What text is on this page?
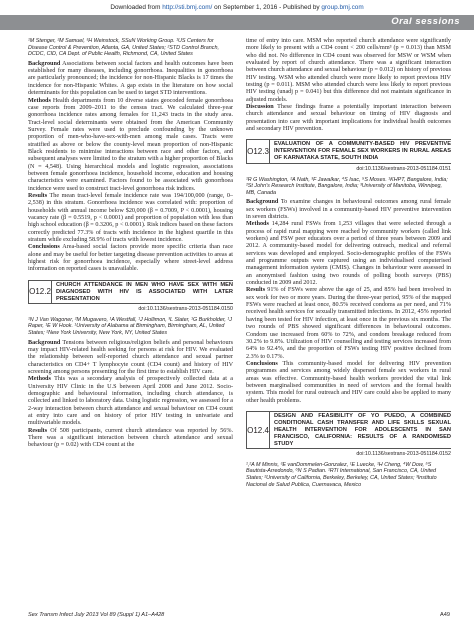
Downloaded from http://sti.bmj.com/ on September 1, 2016 - Published by group.bmj.com
Oral sessions

¹M Stenger, ²M Samuel, ³H Weinstock, SSuN Working Group. ¹US Centers for Disease Control & Prevention, Atlanta, GA, United States; ²STD Control Branch, DCDC, CID, CA Dept. of Public Health, Richmond, CA, United States

Background Associations between social factors and health outcomes have been established for many diseases, including gonorrhoea. Inequalities in gonorrhoea are particularly pronounced; the incidence for non-Hispanic Blacks is 17 times the incidence for non-Hispanic Whites. A gap exists in the literature on how social determinants for this population can be used to target STD interventions.

Methods Health departments from 10 diverse states geocoded female gonorrhoea case reports from 2009–2011 to the census tract. We calculated three-year gonorrhoea incidence rates among females for 11,243 tracts in the study area. Tract-level social determinants were obtained from the American Community Survey. Female rates were used to preclude confounding by the unknown proportion of men-who-have-sex-with-men among male cases. Tracts were stratified as above or below the county-level mean proportion of non-Hispanic Black residents to minimise interactions between race and other factors, and subsequent analyses were limited to the stratum with a higher proportion of Blacks (N = 4,548). Using hierarchical models and logistic regression, associations between female gonorrhoea incidence, household income, education and housing characteristics were examined. Factors found to be associated with gonorrhoea incidence were used to construct tract-level gonorrhoea risk indices.

Results The mean tract-level female incidence rate was 194/100,000 (range, 0–2,538) in this stratum. Gonorrhoea incidence was correlated with: proportion of households with annual income below $20,000 (β = 0.7009, P < 0.0001), housing vacancy rate (β = 0.5519, p < 0.0001) and proportion of population with less than high school education (β = 0.3206, p < 0.0001). Risk indices based on these factors correctly predicted 77.3% of tracts with incidence in the highest quartile in this stratum while excluding 58.9% of tracts with lowest incidence.

Conclusions Area-based social factors provide more specific criteria than race alone and may be useful for better targeting disease prevention activities to areas at highest risk for gonorrhoea incidence, especially where street-level address information on reported cases is unavailable.

O12.2
CHURCH ATTENDANCE IN MEN WHO HAVE SEX WITH MEN DIAGNOSED WITH HIV IS ASSOCIATED WITH LATER PRESENTATION
doi:10.1136/sextrans-2013-051184.0150

¹N J Van Wagoner, ²M Mugavero, ¹A Westfall, ¹J Hollimon, ³L Slater, ¹G Burkholder, ¹J Raper, ¹E W Hook. ¹University of Alabama at Birmingham, Birmingham, AL, United States; ²New York University, New York, NY, United States

Background Tensions between religious/religion beliefs and personal behaviours may impact HIV-related health seeking for persons at risk for HIV. We evaluated the relationship between self-reported church attendance and sexual partner characteristics on CD4+ T lymphocyte count (CD4 count) and history of HIV screening among persons presenting for the first time to establish HIV care.

Methods This was a secondary analysis of prospectively collected data at a University HIV Clinic in the U.S between April 2008 and June 2012. Socio-demographic and behavioural information, including church attendance, is collected and linked to laboratory data. Using logistic regression, we assessed for a 2-way interaction between church attendance and sexual behaviour on CD4 count at entry into care and on history of prior HIV testing in univariate and multivariable models.

Results Of 508 participants, current church attendance was reported by 56%. There was a significant interaction between church attendance and sexual behaviour (p = 0.02) with CD4 count at the

time of entry into care. MSM who reported church attendance were significantly more likely to present with a CD4 count < 200 cells/mm³ (p = 0.013) than MSM who did not. No difference in CD4 count was observed for MSW or WSM when evaluated by report of church attendance. There was a significant interaction between church attendance and sexual behaviour (p = 0.012) on history of previous HIV testing. WSM who attended church were more likely to report previous HIV testing (p = 0.011). MSM who attended church were less likely to report previous HIV testing (unadj p = 0.041) but this difference did not maintain significance in adjusted models.

Discussion These findings frame a potentially important interaction between church attendance and sexual behaviour on timing of HIV diagnosis and presentation into care with important implications for individual health outcomes and secondary HIV prevention.

O12.3
EVALUATION OF A COMMUNITY-BASED HIV PREVENTIVE INTERVENTION FOR FEMALE SEX WORKERS IN RURAL AREAS OF KARNATAKA STATE, SOUTH INDIA
doi:10.1136/sextrans-2013-051184.0151

¹R G Washington, ²A Nath, ³F Jawalkar, ⁴S Isac, ⁵S Moses. ¹KHPT, Bangalore, India; ²St John's Research Institute, Bangalore, India; ³University of Manitoba, Winnipeg, MB, Canada

Background To examine changes in behavioural outcomes among rural female sex workers (FSWs) involved in a community-based HIV preventive intervention in seven districts.

Methods 14,284 rural FSWs from 1,253 villages that were selected through a process of rapid rural mapping were reached by community workers (called link workers) and FSW peer educators over a period of three years between 2009 and 2012. A community-based model for delivering outreach, medical and referral services was developed and employed. Socio-demographic profiles of the FSWs and programme outputs were captured using an individualised computerised management information system (CMIS). Changes in behaviour were assessed in an anonymised fashion using two rounds of polling booth surveys (PBS) conducted in 2009 and 2012.

Results 91% of FSWs were above the age of 25, and 85% had been involved in sex work for two or more years. During the three-year period, 95% of the mapped FSWs were reached at least once, 80.5% received condoms as per need, and 71% received health services for sexually transmitted infections. In 2012, 45% reported having been tested for HIV infection, at least once in the previous six months. The two rounds of PBS showed significant differences in behavioural outcomes. Condom use increased from 60% to 72%, and condom breakage reduced from 30.2% to 9.8%. Utilization of HIV counselling and testing services increased from 64% to 92.4%, and the proportion of FSWs testing HIV positive declined from 2.3% to 0.17%.

Conclusions This community-based model for delivering HIV prevention programmes and services among widely dispersed female sex workers in rural areas was effective. Community-based health workers provided the vital link between marginalised communities in need of services and the formal health system. This model for rural outreach and HIV care could also be applied to many other health problems.

O12.4
DESIGN AND FEASIBILITY OF YO PUEDO, A COMBINED CONDITIONAL CASH TRANSFER AND LIFE SKILLS SEXUAL HEALTH INTERVENTION FOR ADOLESCENTS IN SAN FRANCISCO, CALIFORNIA: RESULTS OF A RANDOMISED STUDY
doi:10.1136/sextrans-2013-051184.0152

¹,²A M Minnis, ³E vanDommelen-Gonzalez, ¹E Luecke, ¹H Cheng, ⁴W Dow, ⁵S Bautista-Arredondo, ⁶N S Padian. ¹RTI International, San Francisco, CA, United States; ²University of California, Berkeley, Berkeley, CA, United States; ³Instituto Nacional de Salud Publica, Cuernavaca, Mexico

Sex Transm Infect July 2013 Vol 89 (Suppl 1) A1–A428	A49
